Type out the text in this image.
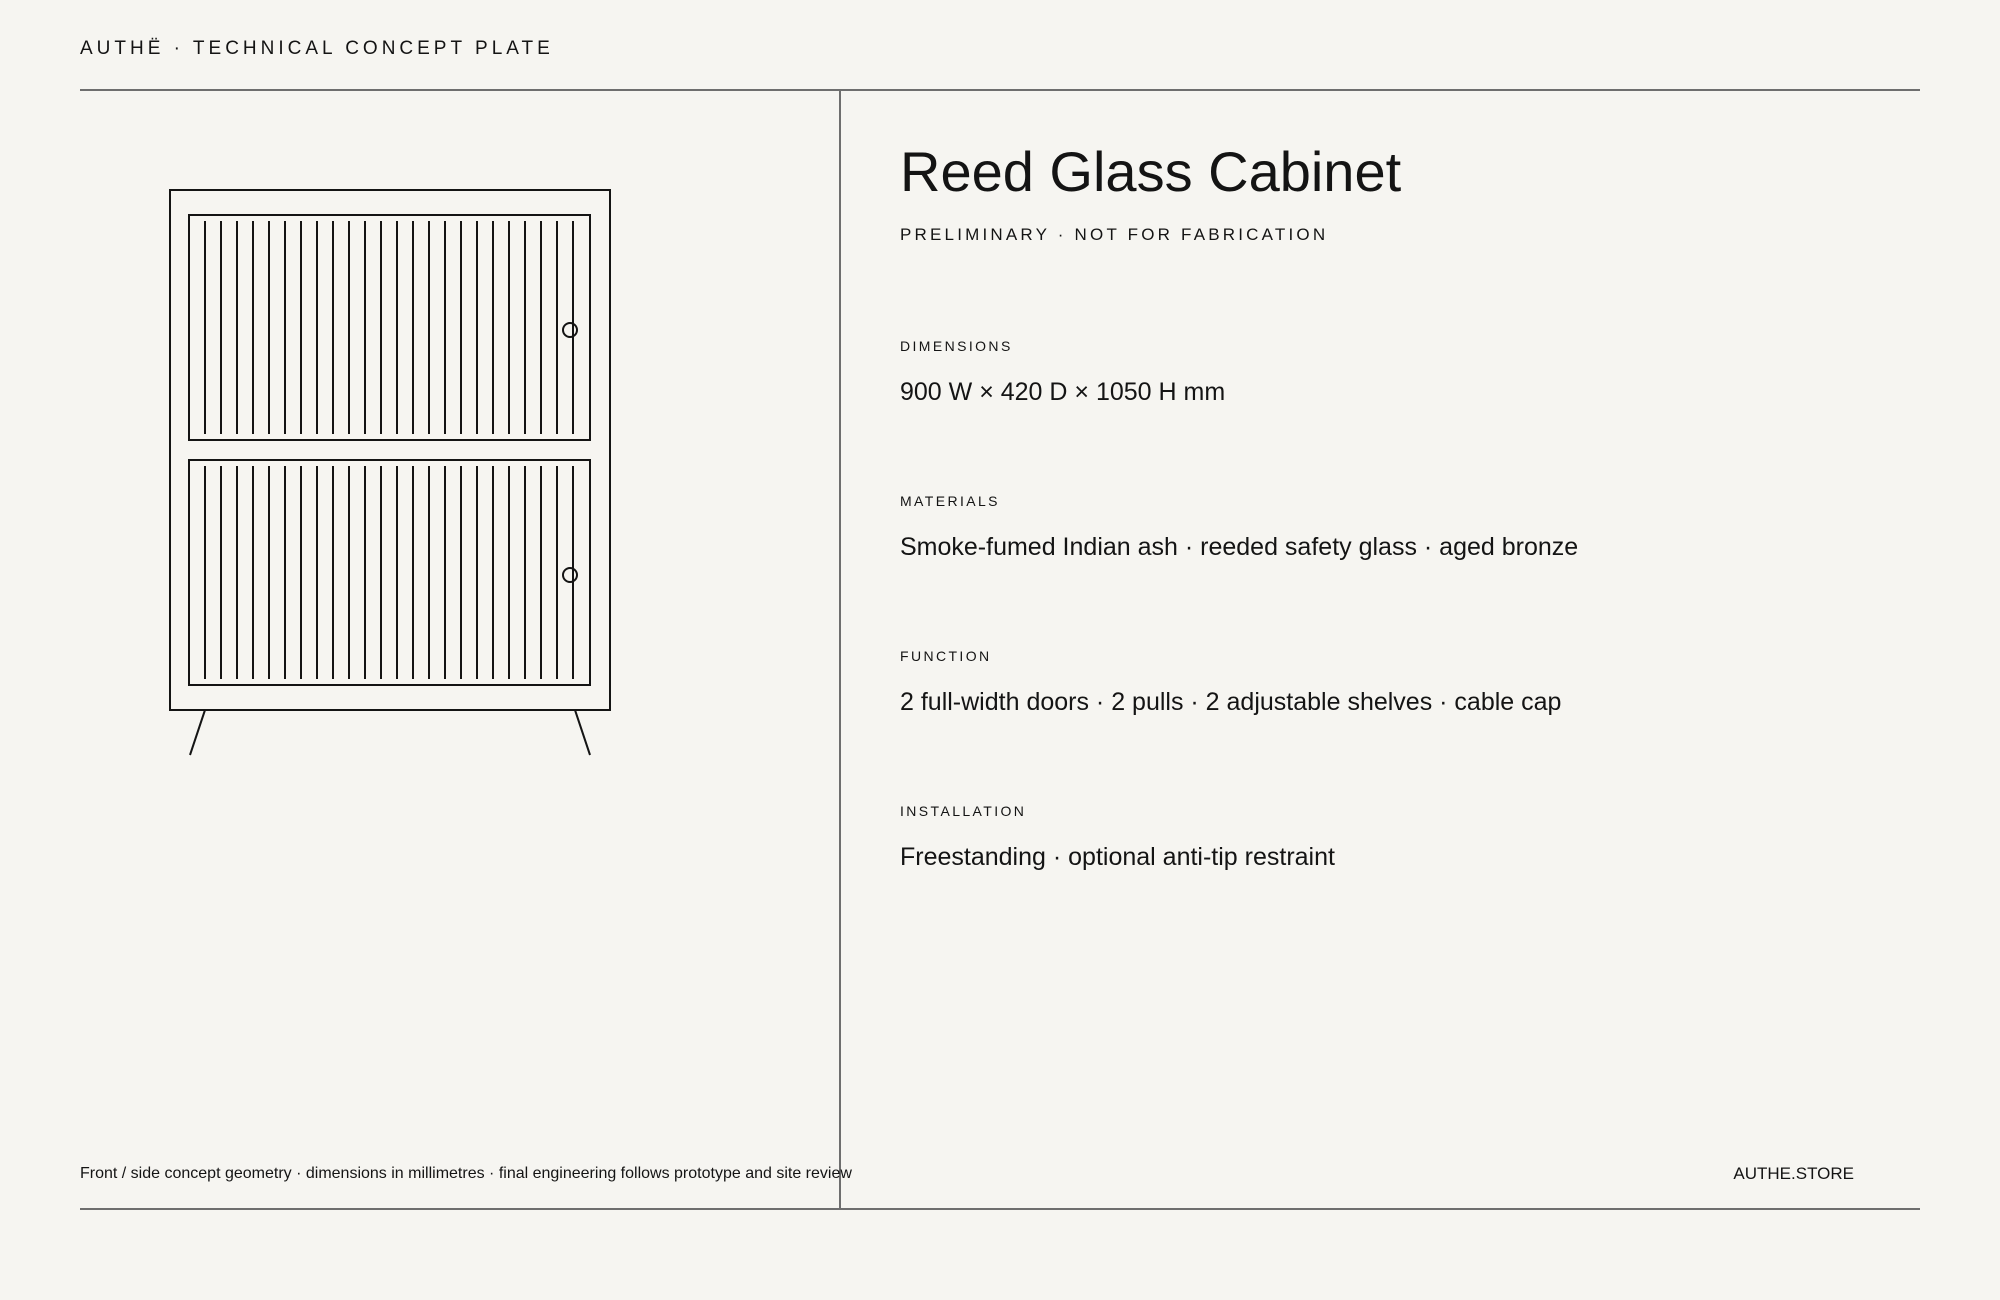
AUTHË · TECHNICAL CONCEPT PLATE
Reed Glass Cabinet
PRELIMINARY · NOT FOR FABRICATION
DIMENSIONS
900 W × 420 D × 1050 H mm
MATERIALS
Smoke-fumed Indian ash · reeded safety glass · aged bronze
FUNCTION
2 full-width doors · 2 pulls · 2 adjustable shelves · cable cap
INSTALLATION
Freestanding · optional anti-tip restraint
Front / side concept geometry · dimensions in millimetres · final engineering follows prototype and site review	AUTHE.STORE
